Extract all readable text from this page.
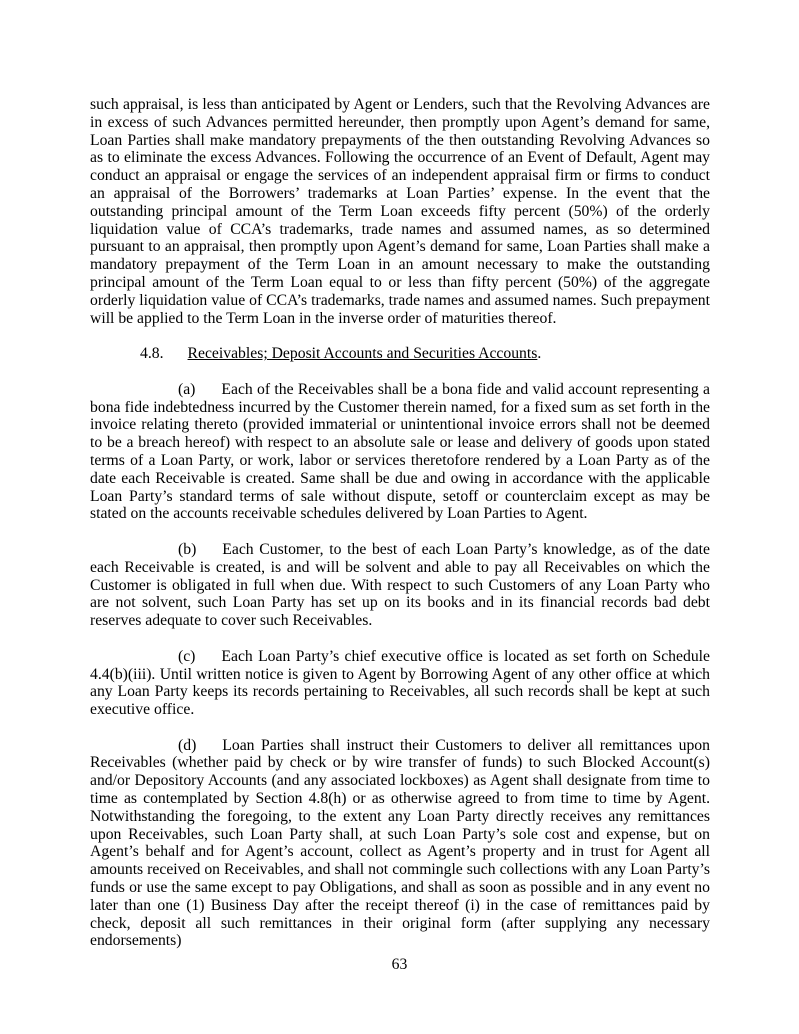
such appraisal, is less than anticipated by Agent or Lenders, such that the Revolving Advances are in excess of such Advances permitted hereunder, then promptly upon Agent’s demand for same, Loan Parties shall make mandatory prepayments of the then outstanding Revolving Advances so as to eliminate the excess Advances. Following the occurrence of an Event of Default, Agent may conduct an appraisal or engage the services of an independent appraisal firm or firms to conduct an appraisal of the Borrowers’ trademarks at Loan Parties’ expense. In the event that the outstanding principal amount of the Term Loan exceeds fifty percent (50%) of the orderly liquidation value of CCA’s trademarks, trade names and assumed names, as so determined pursuant to an appraisal, then promptly upon Agent’s demand for same, Loan Parties shall make a mandatory prepayment of the Term Loan in an amount necessary to make the outstanding principal amount of the Term Loan equal to or less than fifty percent (50%) of the aggregate orderly liquidation value of CCA’s trademarks, trade names and assumed names. Such prepayment will be applied to the Term Loan in the inverse order of maturities thereof.

4.8. Receivables; Deposit Accounts and Securities Accounts.

(a) Each of the Receivables shall be a bona fide and valid account representing a bona fide indebtedness incurred by the Customer therein named, for a fixed sum as set forth in the invoice relating thereto (provided immaterial or unintentional invoice errors shall not be deemed to be a breach hereof) with respect to an absolute sale or lease and delivery of goods upon stated terms of a Loan Party, or work, labor or services theretofore rendered by a Loan Party as of the date each Receivable is created. Same shall be due and owing in accordance with the applicable Loan Party’s standard terms of sale without dispute, setoff or counterclaim except as may be stated on the accounts receivable schedules delivered by Loan Parties to Agent.

(b) Each Customer, to the best of each Loan Party’s knowledge, as of the date each Receivable is created, is and will be solvent and able to pay all Receivables on which the Customer is obligated in full when due. With respect to such Customers of any Loan Party who are not solvent, such Loan Party has set up on its books and in its financial records bad debt reserves adequate to cover such Receivables.

(c) Each Loan Party’s chief executive office is located as set forth on Schedule 4.4(b)(iii). Until written notice is given to Agent by Borrowing Agent of any other office at which any Loan Party keeps its records pertaining to Receivables, all such records shall be kept at such executive office.

(d) Loan Parties shall instruct their Customers to deliver all remittances upon Receivables (whether paid by check or by wire transfer of funds) to such Blocked Account(s) and/or Depository Accounts (and any associated lockboxes) as Agent shall designate from time to time as contemplated by Section 4.8(h) or as otherwise agreed to from time to time by Agent. Notwithstanding the foregoing, to the extent any Loan Party directly receives any remittances upon Receivables, such Loan Party shall, at such Loan Party’s sole cost and expense, but on Agent’s behalf and for Agent’s account, collect as Agent’s property and in trust for Agent all amounts received on Receivables, and shall not commingle such collections with any Loan Party’s funds or use the same except to pay Obligations, and shall as soon as possible and in any event no later than one (1) Business Day after the receipt thereof (i) in the case of remittances paid by check, deposit all such remittances in their original form (after supplying any necessary endorsements)

63
